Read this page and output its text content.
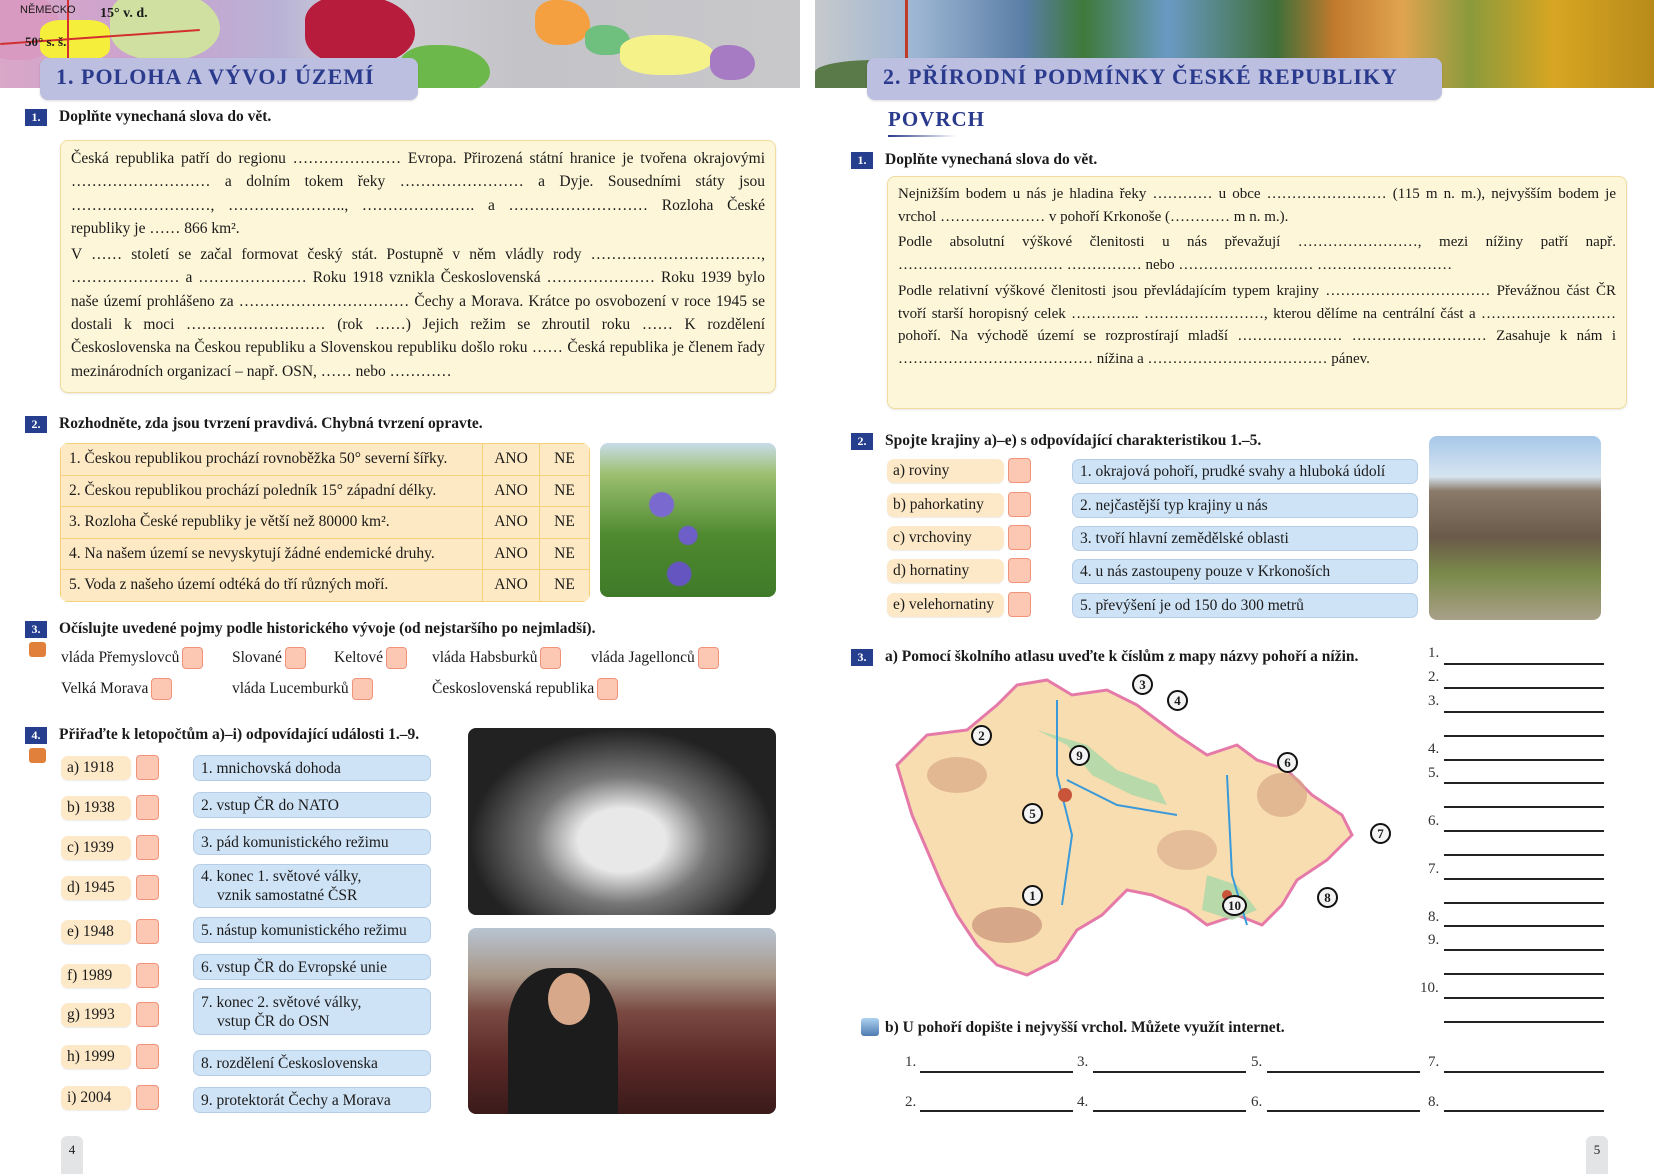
NĚMECKO 15° v. d.
50° s. š.
1. POLOHA A VÝVOJ ÚZEMÍ
1.	Doplňte vynechaná slova do vět.

Česká republika patří do regionu ………………… Evropa. Přirozená státní hranice je tvořena okrajovými ……………………… a dolním tokem řeky …………………… a Dyje. Sousedními státy jsou ………………………, ………………….., …………………. a ……………………… Rozloha České republiky je …… 866 km².

V …… století se začal formovat český stát. Postupně v něm vládly rody ……………………………, ………………… a ………………… Roku 1918 vznikla Československá ………………… Roku 1939 bylo naše území prohlášeno za …………………………… Čechy a Morava. Krátce po osvobození v roce 1945 se dostali k moci ……………………… (rok ……) Jejich režim se zhroutil roku …… K rozdělení Československa na Českou republiku a Slovenskou republiku došlo roku …… Česká republika je členem řady mezinárodních organizací – např. OSN, …… nebo …………

2.	Rozhodněte, zda jsou tvrzení pravdivá. Chybná tvrzení opravte.
1. Českou republikou prochází rovnoběžka 50° severní šířky.	ANO	NE
2. Českou republikou prochází poledník 15° západní délky.	ANO	NE
3. Rozloha České republiky je větší než 80000 km².	ANO	NE
4. Na našem území se nevyskytují žádné endemické druhy.	ANO	NE
5. Voda z našeho území odtéká do tří různých moří.	ANO	NE
3.	Očíslujte uvedené pojmy podle historického vývoje (od nejstaršího po nejmladší).
vláda Přemyslovců	Slované	Keltové	vláda Habsburků	vláda Jagellonců
Velká Morava	vláda Lucemburků	Československá republika
4.	Přiřaďte k letopočtům a)–i) odpovídající události 1.–9.
a) 1918
b) 1938
c) 1939
d) 1945
e) 1948
f) 1989
g) 1993
h) 1999
i) 2004
1. mnichovská dohoda
2. vstup ČR do NATO
3. pád komunistického režimu
4. konec 1. světové války,
vznik samostatné ČSR
5. nástup komunistického režimu
6. vstup ČR do Evropské unie
7. konec 2. světové války,
vstup ČR do OSN
8. rozdělení Československa
9. protektorát Čechy a Morava
4
2. PŘÍRODNÍ PODMÍNKY ČESKÉ REPUBLIKY
POVRCH
1.	Doplňte vynechaná slova do vět.

Nejnižším bodem u nás je hladina řeky ………… u obce …………………… (115 m n. m.), nejvyšším bodem je vrchol ………………… v pohoří Krkonoše (………… m n. m.).

Podle absolutní výškové členitosti u nás převažují ……………………, mezi nížiny patří např. …………………………… …………… nebo ……………………… ………………………

Podle relativní výškové členitosti jsou převládajícím typem krajiny …………………………… Převážnou část ČR tvoří starší horopisný celek ………….. ……………………, kterou dělíme na centrální část a ……………………… pohoří. Na východě území se rozprostírají mladší ………………… ……………………… Zasahuje k nám i ………………………………… nížina a ……………………………… pánev.

2.	Spojte krajiny a)–e) s odpovídající charakteristikou 1.–5.
a) roviny
b) pahorkatiny
c) vrchoviny
d) hornatiny
e) velehornatiny
1. okrajová pohoří, prudké svahy a hluboká údolí
2. nejčastější typ krajiny u nás
3. tvoří hlavní zemědělské oblasti
4. u nás zastoupeny pouze v Krkonoších
5. převýšení je od 150 do 300 metrů
3.	a) Pomocí školního atlasu uveďte k číslům z mapy názvy pohoří a nížin.
1
2
3
4
5
6
7
8
9
10
1.
2.
3.
4.
5.
6.
7.
8.
9.
10.
b) U pohoří dopište i nejvyšší vrchol. Můžete využít internet.
1.	3.	5.	7.
2.	4.	6.	8.
5
